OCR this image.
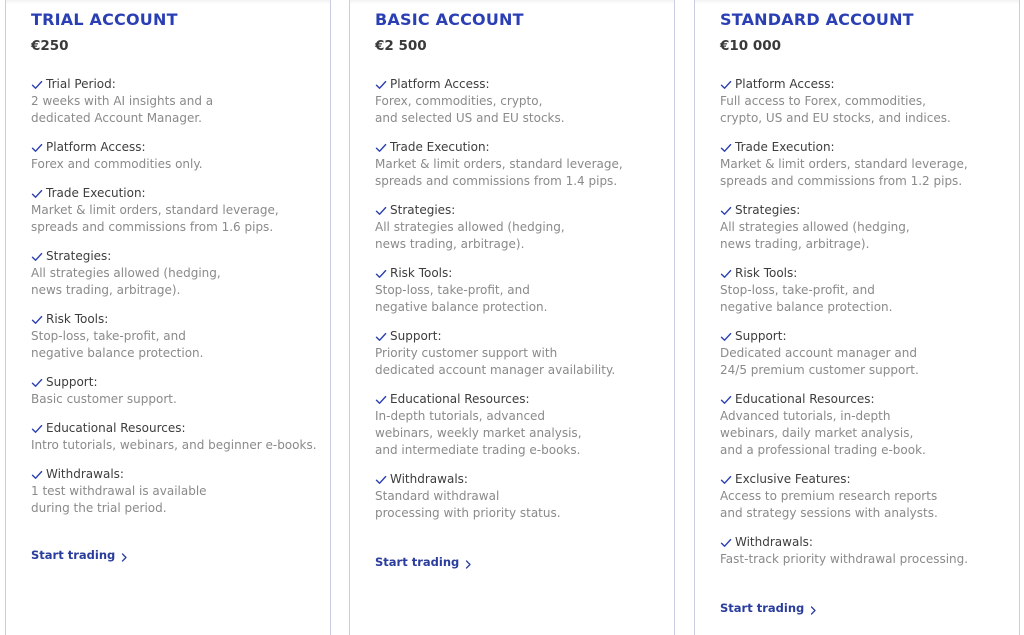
TRIAL ACCOUNT
€250
Trial Period:
2 weeks with AI insights and a
dedicated Account Manager.
Platform Access:
Forex and commodities only.
Trade Execution:
Market & limit orders, standard leverage,
spreads and commissions from 1.6 pips.
Strategies:
All strategies allowed (hedging,
news trading, arbitrage).
Risk Tools:
Stop-loss, take-profit, and
negative balance protection.
Support:
Basic customer support.
Educational Resources:
Intro tutorials, webinars, and beginner e-books.
Withdrawals:
1 test withdrawal is available
during the trial period.
Start trading
BASIC ACCOUNT
€2 500
Platform Access:
Forex, commodities, crypto,
and selected US and EU stocks.
Trade Execution:
Market & limit orders, standard leverage,
spreads and commissions from 1.4 pips.
Strategies:
All strategies allowed (hedging,
news trading, arbitrage).
Risk Tools:
Stop-loss, take-profit, and
negative balance protection.
Support:
Priority customer support with
dedicated account manager availability.
Educational Resources:
In-depth tutorials, advanced
webinars, weekly market analysis,
and intermediate trading e-books.
Withdrawals:
Standard withdrawal
processing with priority status.
Start trading
STANDARD ACCOUNT
€10 000
Platform Access:
Full access to Forex, commodities,
crypto, US and EU stocks, and indices.
Trade Execution:
Market & limit orders, standard leverage,
spreads and commissions from 1.2 pips.
Strategies:
All strategies allowed (hedging,
news trading, arbitrage).
Risk Tools:
Stop-loss, take-profit, and
negative balance protection.
Support:
Dedicated account manager and
24/5 premium customer support.
Educational Resources:
Advanced tutorials, in-depth
webinars, daily market analysis,
and a professional trading e-book.
Exclusive Features:
Access to premium research reports
and strategy sessions with analysts.
Withdrawals:
Fast-track priority withdrawal processing.
Start trading
